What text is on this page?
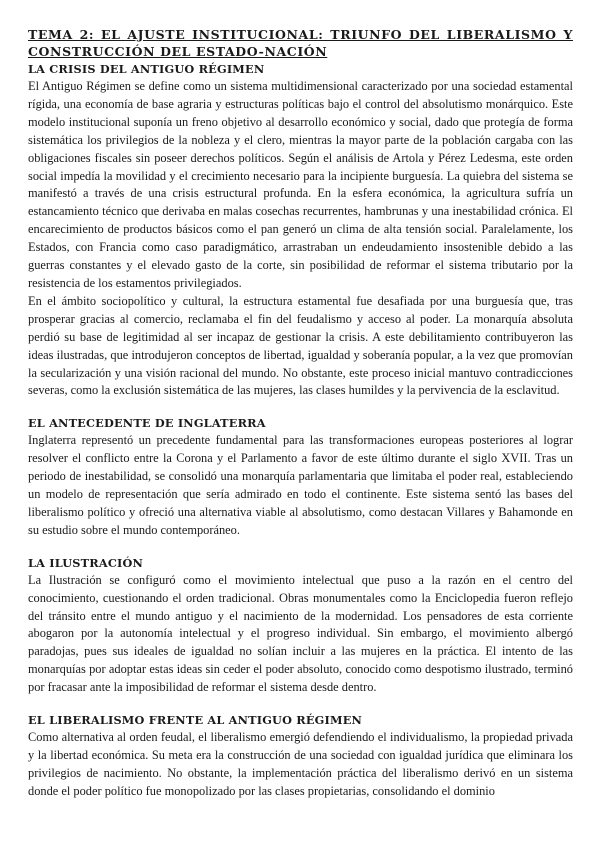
TEMA 2: EL AJUSTE INSTITUCIONAL: TRIUNFO DEL LIBERALISMO Y CONSTRUCCIÓN DEL ESTADO-NACIÓN
LA CRISIS DEL ANTIGUO RÉGIMEN

El Antiguo Régimen se define como un sistema multidimensional caracterizado por una sociedad estamental rígida, una economía de base agraria y estructuras políticas bajo el control del absolutismo monárquico. Este modelo institucional suponía un freno objetivo al desarrollo económico y social, dado que protegía de forma sistemática los privilegios de la nobleza y el clero, mientras la mayor parte de la población cargaba con las obligaciones fiscales sin poseer derechos políticos. Según el análisis de Artola y Pérez Ledesma, este orden social impedía la movilidad y el crecimiento necesario para la incipiente burguesía. La quiebra del sistema se manifestó a través de una crisis estructural profunda. En la esfera económica, la agricultura sufría un estancamiento técnico que derivaba en malas cosechas recurrentes, hambrunas y una inestabilidad crónica. El encarecimiento de productos básicos como el pan generó un clima de alta tensión social. Paralelamente, los Estados, con Francia como caso paradigmático, arrastraban un endeudamiento insostenible debido a las guerras constantes y el elevado gasto de la corte, sin posibilidad de reformar el sistema tributario por la resistencia de los estamentos privilegiados.

En el ámbito sociopolítico y cultural, la estructura estamental fue desafiada por una burguesía que, tras prosperar gracias al comercio, reclamaba el fin del feudalismo y acceso al poder. La monarquía absoluta perdió su base de legitimidad al ser incapaz de gestionar la crisis. A este debilitamiento contribuyeron las ideas ilustradas, que introdujeron conceptos de libertad, igualdad y soberanía popular, a la vez que promovían la secularización y una visión racional del mundo. No obstante, este proceso inicial mantuvo contradicciones severas, como la exclusión sistemática de las mujeres, las clases humildes y la pervivencia de la esclavitud.

EL ANTECEDENTE DE INGLATERRA

Inglaterra representó un precedente fundamental para las transformaciones europeas posteriores al lograr resolver el conflicto entre la Corona y el Parlamento a favor de este último durante el siglo XVII. Tras un periodo de inestabilidad, se consolidó una monarquía parlamentaria que limitaba el poder real, estableciendo un modelo de representación que sería admirado en todo el continente. Este sistema sentó las bases del liberalismo político y ofreció una alternativa viable al absolutismo, como destacan Villares y Bahamonde en su estudio sobre el mundo contemporáneo.

LA ILUSTRACIÓN

La Ilustración se configuró como el movimiento intelectual que puso a la razón en el centro del conocimiento, cuestionando el orden tradicional. Obras monumentales como la Enciclopedia fueron reflejo del tránsito entre el mundo antiguo y el nacimiento de la modernidad. Los pensadores de esta corriente abogaron por la autonomía intelectual y el progreso individual. Sin embargo, el movimiento albergó paradojas, pues sus ideales de igualdad no solían incluir a las mujeres en la práctica. El intento de las monarquías por adoptar estas ideas sin ceder el poder absoluto, conocido como despotismo ilustrado, terminó por fracasar ante la imposibilidad de reformar el sistema desde dentro.

EL LIBERALISMO FRENTE AL ANTIGUO RÉGIMEN

Como alternativa al orden feudal, el liberalismo emergió defendiendo el individualismo, la propiedad privada y la libertad económica. Su meta era la construcción de una sociedad con igualdad jurídica que eliminara los privilegios de nacimiento. No obstante, la implementación práctica del liberalismo derivó en un sistema donde el poder político fue monopolizado por las clases propietarias, consolidando el dominio
